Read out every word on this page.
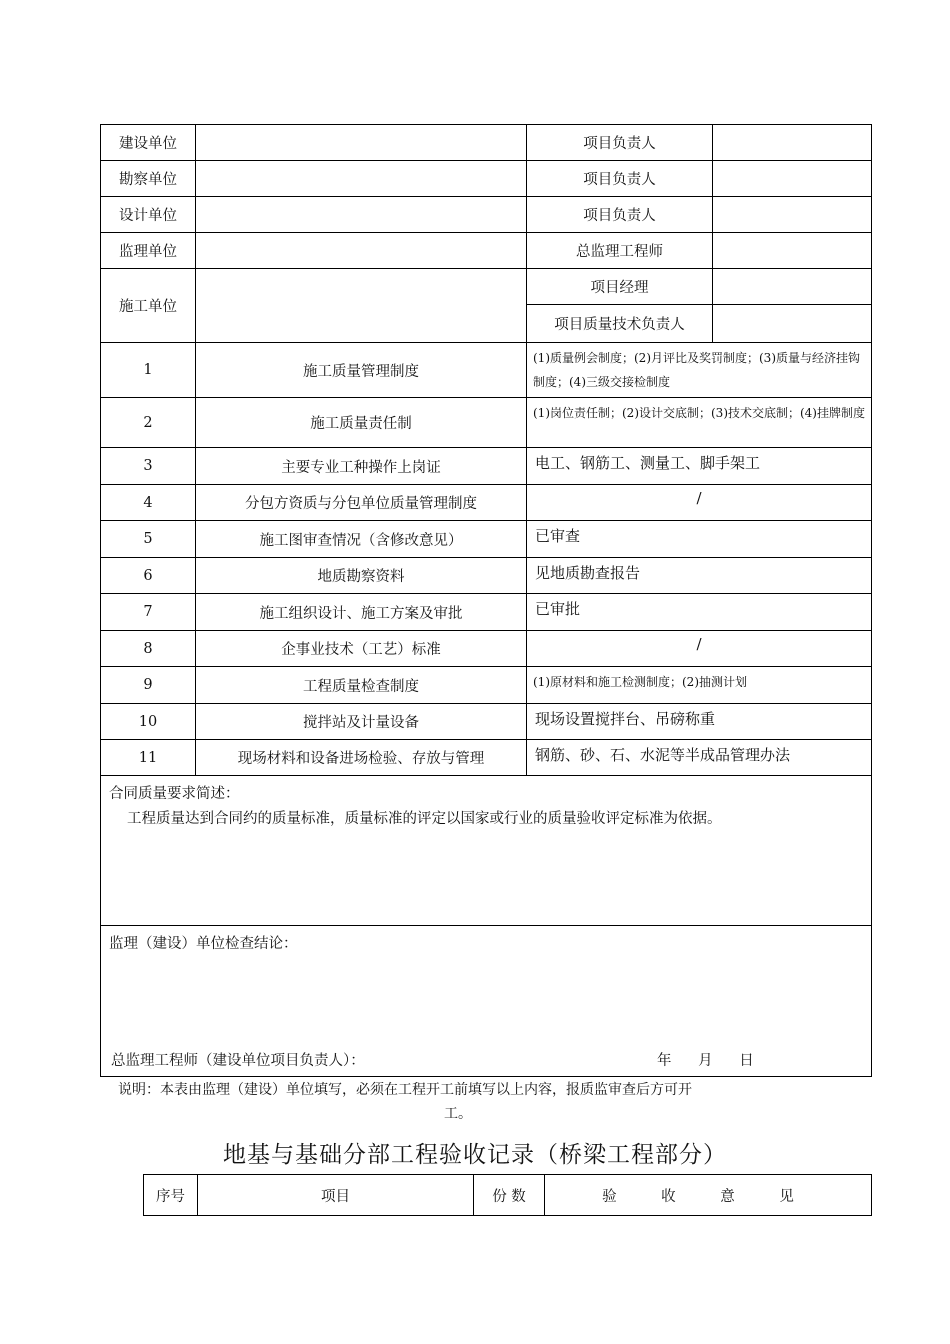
建设单位		项目负责人	
勘察单位		项目负责人	
设计单位		项目负责人	
监理单位		总监理工程师	
施工单位		项目经理	
		项目质量技术负责人	
1	施工质量管理制度	(1)质量例会制度；(2)月评比及奖罚制度；(3)质量与经济挂钩制度；(4)三级交接检制度	
2	施工质量责任制	(1)岗位责任制；(2)设计交底制；(3)技术交底制；(4)挂牌制度	
3	主要专业工种操作上岗证	电工、钢筋工、测量工、脚手架工	
4	分包方资质与分包单位质量管理制度	/	
5	施工图审查情况（含修改意见）	已审查	
6	地质勘察资料	见地质勘查报告	
7	施工组织设计、施工方案及审批	已审批	
8	企事业技术（工艺）标准	/	
9	工程质量检查制度	(1)原材料和施工检测制度；(2)抽测计划	
10	搅拌站及计量设备	现场设置搅拌台、吊磅称重	
11	现场材料和设备进场检验、存放与管理	钢筋、砂、石、水泥等半成品管理办法	

合同质量要求简述：
工程质量达到合同约的质量标准，质量标准的评定以国家或行业的质量验收评定标准为依据。			

监理（建设）单位检查结论：
总监理工程师（建设单位项目负责人）： 年 月 日			
说明：本表由监理（建设）单位填写，必须在工程开工前填写以上内容，报质监审查后方可开
工。
地基与基础分部工程验收记录（桥梁工程部分）
序号	项目	份 数	验 收 意 见
